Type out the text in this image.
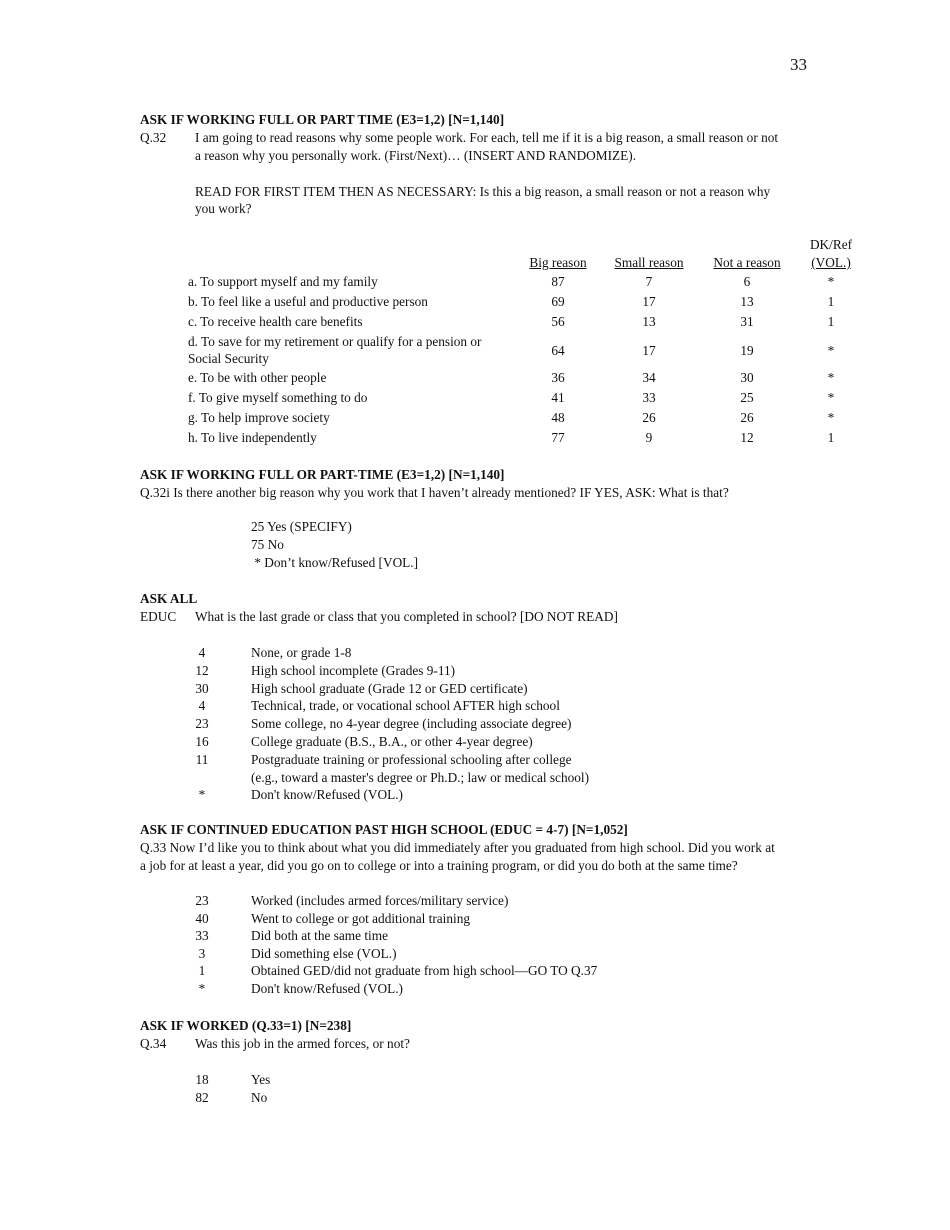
33
ASK IF WORKING FULL OR PART TIME (E3=1,2) [N=1,140]
Q.32 I am going to read reasons why some people work. For each, tell me if it is a big reason, a small reason or not
a reason why you personally work. (First/Next)… (INSERT AND RANDOMIZE).
READ FOR FIRST ITEM THEN AS NECESSARY: Is this a big reason, a small reason or not a reason why
you work?
Big reason	Small reason	Not a reason
DK/Ref
(VOL.)
a. To support myself and my family	87	7	6	*
b. To feel like a useful and productive person	69	17	13	1
c. To receive health care benefits	56	13	31	1
d. To save for my retirement or qualify for a pension or
Social Security
64	17	19	*
e. To be with other people	36	34	30	*
f. To give myself something to do	41	33	25	*
g. To help improve society	48	26	26	*
h. To live independently	77	9	12	1
ASK IF WORKING FULL OR PART-TIME (E3=1,2) [N=1,140]
Q.32i Is there another big reason why you work that I haven’t already mentioned? IF YES, ASK: What is that?
25 Yes (SPECIFY)
75 No
* Don’t know/Refused [VOL.]
ASK ALL
EDUC What is the last grade or class that you completed in school? [DO NOT READ]
4	None, or grade 1-8
12	High school incomplete (Grades 9-11)
30	High school graduate (Grade 12 or GED certificate)
4	Technical, trade, or vocational school AFTER high school
23	Some college, no 4-year degree (including associate degree)
16	College graduate (B.S., B.A., or other 4-year degree)
11	Postgraduate training or professional schooling after college
(e.g., toward a master's degree or Ph.D.; law or medical school)
*	Don't know/Refused (VOL.)
ASK IF CONTINUED EDUCATION PAST HIGH SCHOOL (EDUC = 4-7) [N=1,052]
Q.33 Now I’d like you to think about what you did immediately after you graduated from high school. Did you work at
a job for at least a year, did you go on to college or into a training program, or did you do both at the same time?
23	Worked (includes armed forces/military service)
40	Went to college or got additional training
33	Did both at the same time
3	Did something else (VOL.)
1	Obtained GED/did not graduate from high school—GO TO Q.37
*	Don't know/Refused (VOL.)
ASK IF WORKED (Q.33=1) [N=238]
Q.34 Was this job in the armed forces, or not?
18	Yes
82	No
